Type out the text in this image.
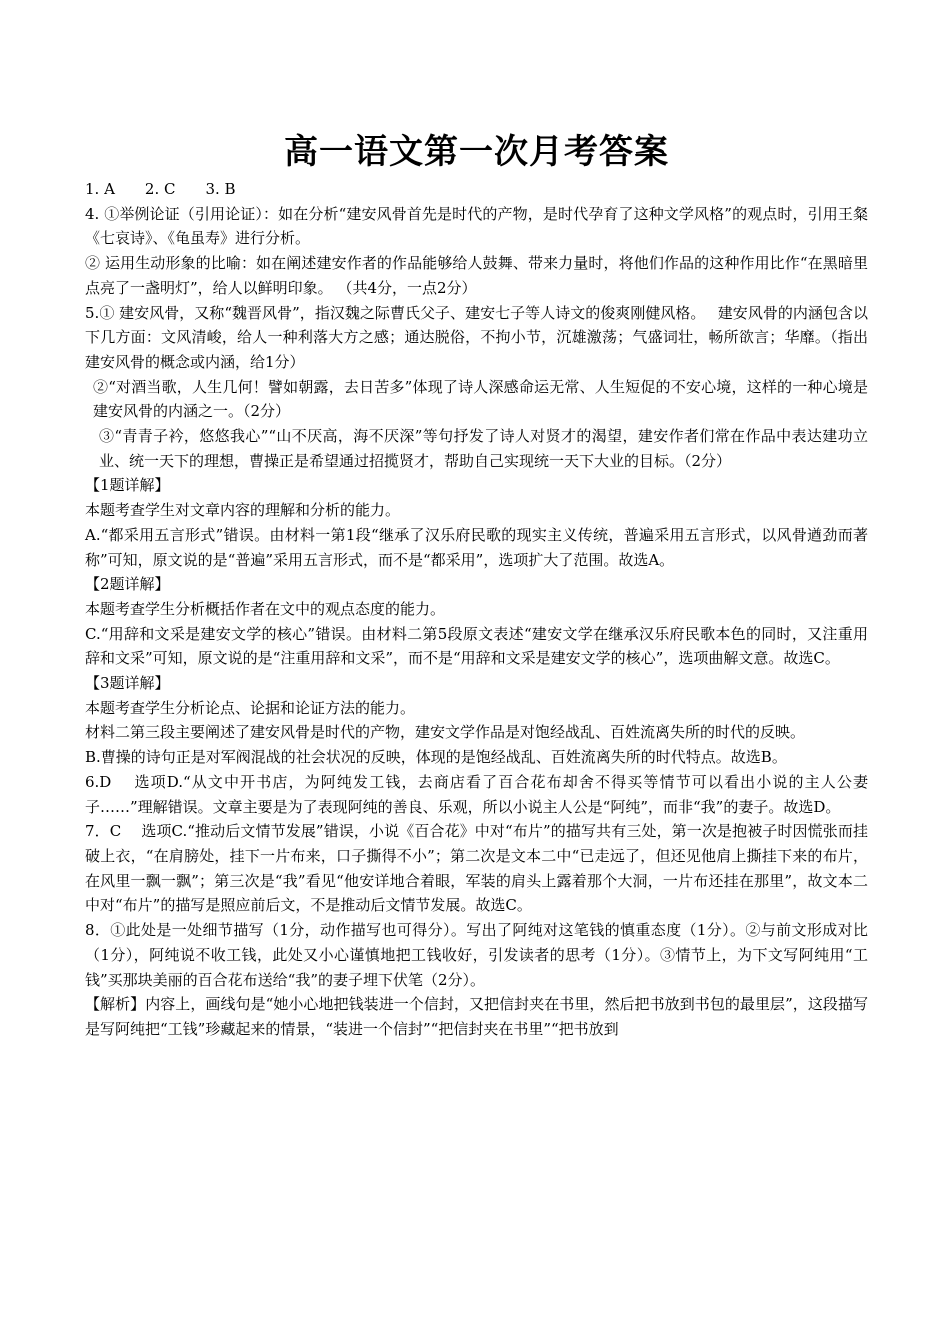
高一语文第一次月考答案

1. A　　2. C　　3. B

4. ①举例论证（引用论证）：如在分析“建安风骨首先是时代的产物，是时代孕育了这种文学风格”的观点时，引用王粲《七哀诗》、《龟虽寿》进行分析。

② 运用生动形象的比喻：如在阐述建安作者的作品能够给人鼓舞、带来力量时，将他们作品的这种作用比作“在黑暗里点亮了一盏明灯”，给人以鲜明印象。 （共4分，一点2分）

5.① 建安风骨，又称“魏晋风骨”，指汉魏之际曹氏父子、建安七子等人诗文的俊爽刚健风格。　 建安风骨的内涵包含以下几方面：文风清峻，给人一种利落大方之感；通达脱俗，不拘小节，沉雄激荡；气盛词壮，畅所欲言；华靡。（指出建安风骨的概念或内涵，给1分）

②“对酒当歌，人生几何！譬如朝露，去日苦多”体现了诗人深感命运无常、人生短促的不安心境，这样的一种心境是建安风骨的内涵之一。（2分）

③“青青子衿，悠悠我心”“山不厌高，海不厌深”等句抒发了诗人对贤才的渴望，建安作者们常在作品中表达建功立业、统一天下的理想，曹操正是希望通过招揽贤才，帮助自己实现统一天下大业的目标。（2分）

【1题详解】

本题考查学生对文章内容的理解和分析的能力。

A.“都采用五言形式”错误。由材料一第1段“继承了汉乐府民歌的现实主义传统，普遍采用五言形式，以风骨遒劲而著称”可知，原文说的是“普遍”采用五言形式，而不是“都采用”，选项扩大了范围。故选A。

【2题详解】

本题考查学生分析概括作者在文中的观点态度的能力。

C.“用辞和文采是建安文学的核心”错误。由材料二第5段原文表述“建安文学在继承汉乐府民歌本色的同时，又注重用辞和文采”可知，原文说的是“注重用辞和文采”，而不是“用辞和文采是建安文学的核心”，选项曲解文意。故选C。

【3题详解】

本题考查学生分析论点、论据和论证方法的能力。

材料二第三段主要阐述了建安风骨是时代的产物，建安文学作品是对饱经战乱、百姓流离失所的时代的反映。

B.曹操的诗句正是对军阀混战的社会状况的反映，体现的是饱经战乱、百姓流离失所的时代特点。故选B。

6.D　 选项D.“从文中开书店，为阿纯发工钱，去商店看了百合花布却舍不得买等情节可以看出小说的主人公妻子……”理解错误。文章主要是为了表现阿纯的善良、乐观，所以小说主人公是“阿纯”，而非“我”的妻子。故选D。

7．C　 选项C.“推动后文情节发展”错误，小说《百合花》中对“布片”的描写共有三处，第一次是抱被子时因慌张而挂破上衣，“在肩膀处，挂下一片布来，口子撕得不小”；第二次是文本二中“已走远了，但还见他肩上撕挂下来的布片，在风里一飘一飘”；第三次是“我”看见“他安详地合着眼，军装的肩头上露着那个大洞，一片布还挂在那里”，故文本二中对“布片”的描写是照应前后文，不是推动后文情节发展。故选C。

8．①此处是一处细节描写（1分，动作描写也可得分）。写出了阿纯对这笔钱的慎重态度（1分）。②与前文形成对比（1分），阿纯说不收工钱，此处又小心谨慎地把工钱收好，引发读者的思考（1分）。③情节上，为下文写阿纯用“工钱”买那块美丽的百合花布送给“我”的妻子埋下伏笔（2分）。

【解析】内容上，画线句是“她小心地把钱装进一个信封，又把信封夹在书里，然后把书放到书包的最里层”，这段描写是写阿纯把“工钱”珍藏起来的情景，“装进一个信封”“把信封夹在书里”“把书放到
